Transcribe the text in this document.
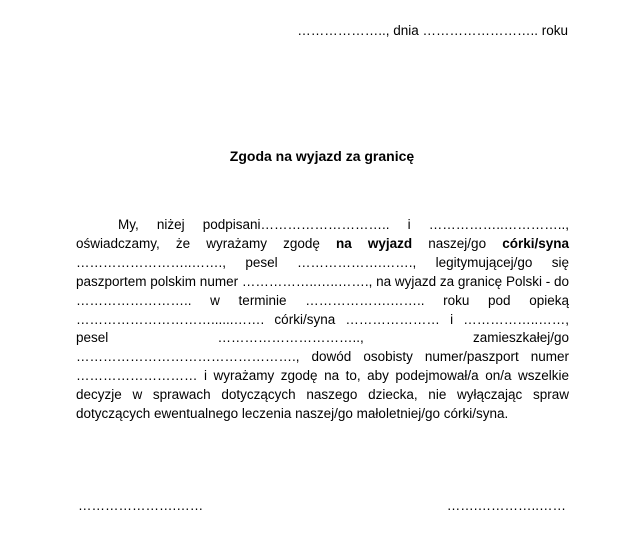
……………….., dnia …………………….. roku
Zgoda na wyjazd za granicę
My, niżej podpisani……………………….. i ……………..………….., oświadczamy, że wyrażamy zgodę na wyjazd naszej/go córki/syna ……………………..……., pesel ……………….……., legitymującej/go się paszportem polskim numer ……………..…..……., na wyjazd za granicę Polski - do …………………….. w terminie ……………….…….. roku pod opieką …………………………......……. córki/syna ………………… i ……………..……, pesel ………………………….., zamieszkałej/go …………………………………………., dowód osobisty numer/paszport numer ……………………… i wyrażamy zgodę na to, aby podejmował/a on/a wszelkie decyzje w sprawach dotyczących naszego dziecka, nie wyłączając spraw dotyczących ewentualnego leczenia naszej/go małoletniej/go córki/syna.
………………….……	…….…………..……
